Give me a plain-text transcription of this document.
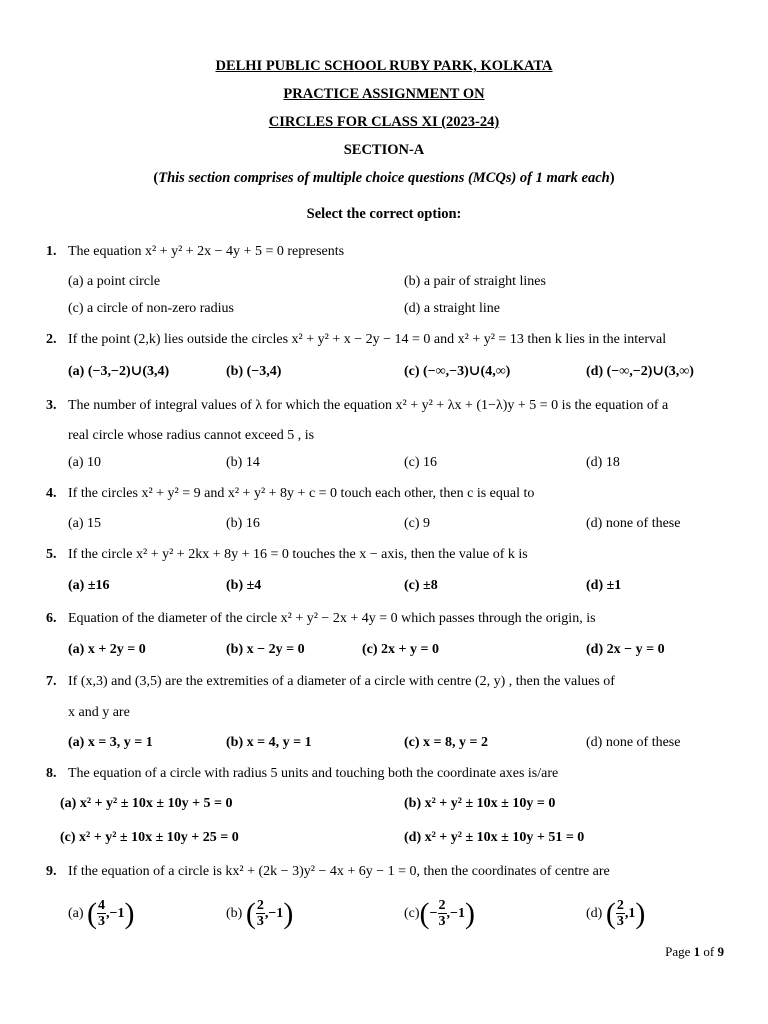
DELHI PUBLIC SCHOOL RUBY PARK, KOLKATA
PRACTICE ASSIGNMENT ON
CIRCLES FOR CLASS XI (2023-24)
SECTION-A
(This section comprises of multiple choice questions (MCQs) of 1 mark each)
Select the correct option:
1. The equation x² + y² + 2x − 4y + 5 = 0 represents
(a) a point circle	(b) a pair of straight lines
(c) a circle of non-zero radius	(d) a straight line
2. If the point (2,k) lies outside the circles x² + y² + x − 2y − 14 = 0 and x² + y² = 13 then k lies in the interval
(a) (−3,−2)∪(3,4)	(b) (−3,4)	(c) (−∞,−3)∪(4,∞)	(d) (−∞,−2)∪(3,∞)
3. The number of integral values of λ for which the equation x² + y² + λx + (1−λ)y + 5 = 0 is the equation of a
real circle whose radius cannot exceed 5 , is
(a) 10	(b) 14	(c) 16	(d) 18
4. If the circles x² + y² = 9 and x² + y² + 8y + c = 0 touch each other, then c is equal to
(a) 15	(b) 16	(c) 9	(d) none of these
5. If the circle x² + y² + 2kx + 8y + 16 = 0 touches the x − axis, then the value of k is
(a) ±16	(b) ±4	(c) ±8	(d) ±1
6. Equation of the diameter of the circle x² + y² − 2x + 4y = 0 which passes through the origin, is
(a) x + 2y = 0	(b) x − 2y = 0	(c) 2x + y = 0	(d) 2x − y = 0
7. If (x,3) and (3,5) are the extremities of a diameter of a circle with centre (2, y) , then the values of
x and y are
(a) x = 3, y = 1	(b) x = 4, y = 1	(c) x = 8, y = 2	(d) none of these
8. The equation of a circle with radius 5 units and touching both the coordinate axes is/are
(a) x² + y² ± 10x ± 10y + 5 = 0	(b) x² + y² ± 10x ± 10y = 0
(c) x² + y² ± 10x ± 10y + 25 = 0	(d) x² + y² ± 10x ± 10y + 51 = 0
9. If the equation of a circle is kx² + (2k − 3)y² − 4x + 6y − 1 = 0, then the coordinates of centre are
(a) ( $\frac{4}{3} ,-1$)	(b) ( $\frac{2}{3} ,-1$)	$(c)(- \frac{2}{3} ,-1)$	(d) ( $\frac{2}{3} ,1$)
Page 1 of 9
